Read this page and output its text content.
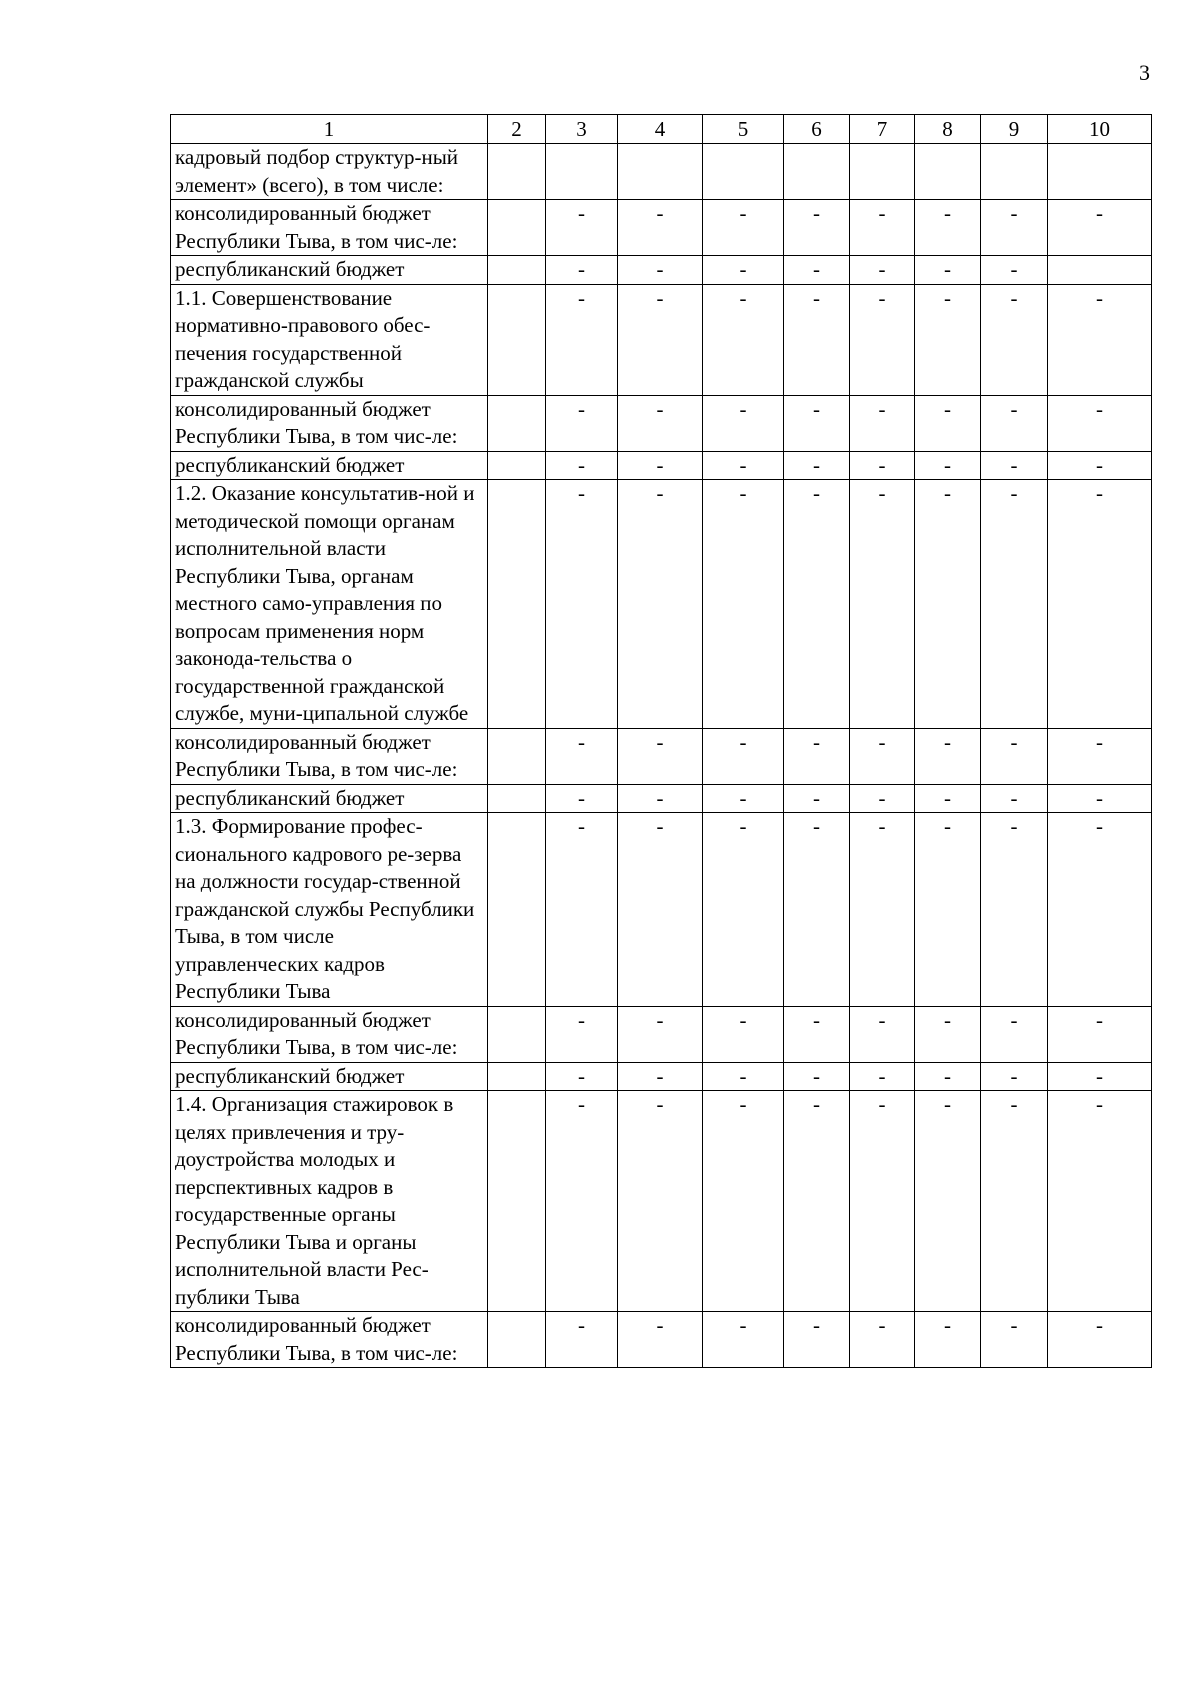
3
1	2	3	4	5	6	7	8	9	10
кадровый подбор структур-ный элемент» (всего), в том числе:									
консолидированный бюджет Республики Тыва, в том чис-ле:		-	-	-	-	-	-	-	-
республиканский бюджет		-	-	-	-	-	-	-	
1.1. Совершенствование нормативно-правового обес-печения государственной гражданской службы		-	-	-	-	-	-	-	-
консолидированный бюджет Республики Тыва, в том чис-ле:		-	-	-	-	-	-	-	-
республиканский бюджет		-	-	-	-	-	-	-	-
1.2. Оказание консультатив-ной и методической помощи органам исполнительной власти Республики Тыва, органам местного само-управления по вопросам применения норм законода-тельства о государственной гражданской службе, муни-ципальной службе		-	-	-	-	-	-	-	-
консолидированный бюджет Республики Тыва, в том чис-ле:		-	-	-	-	-	-	-	-
республиканский бюджет		-	-	-	-	-	-	-	-
1.3. Формирование профес-сионального кадрового ре-зерва на должности государ-ственной гражданской службы Республики Тыва, в том числе управленческих кадров Республики Тыва		-	-	-	-	-	-	-	-
консолидированный бюджет Республики Тыва, в том чис-ле:		-	-	-	-	-	-	-	-
республиканский бюджет		-	-	-	-	-	-	-	-
1.4. Организация стажировок в целях привлечения и тру-доустройства молодых и перспективных кадров в государственные органы Республики Тыва и органы исполнительной власти Рес-публики Тыва		-	-	-	-	-	-	-	-
консолидированный бюджет Республики Тыва, в том чис-ле:		-	-	-	-	-	-	-	-
